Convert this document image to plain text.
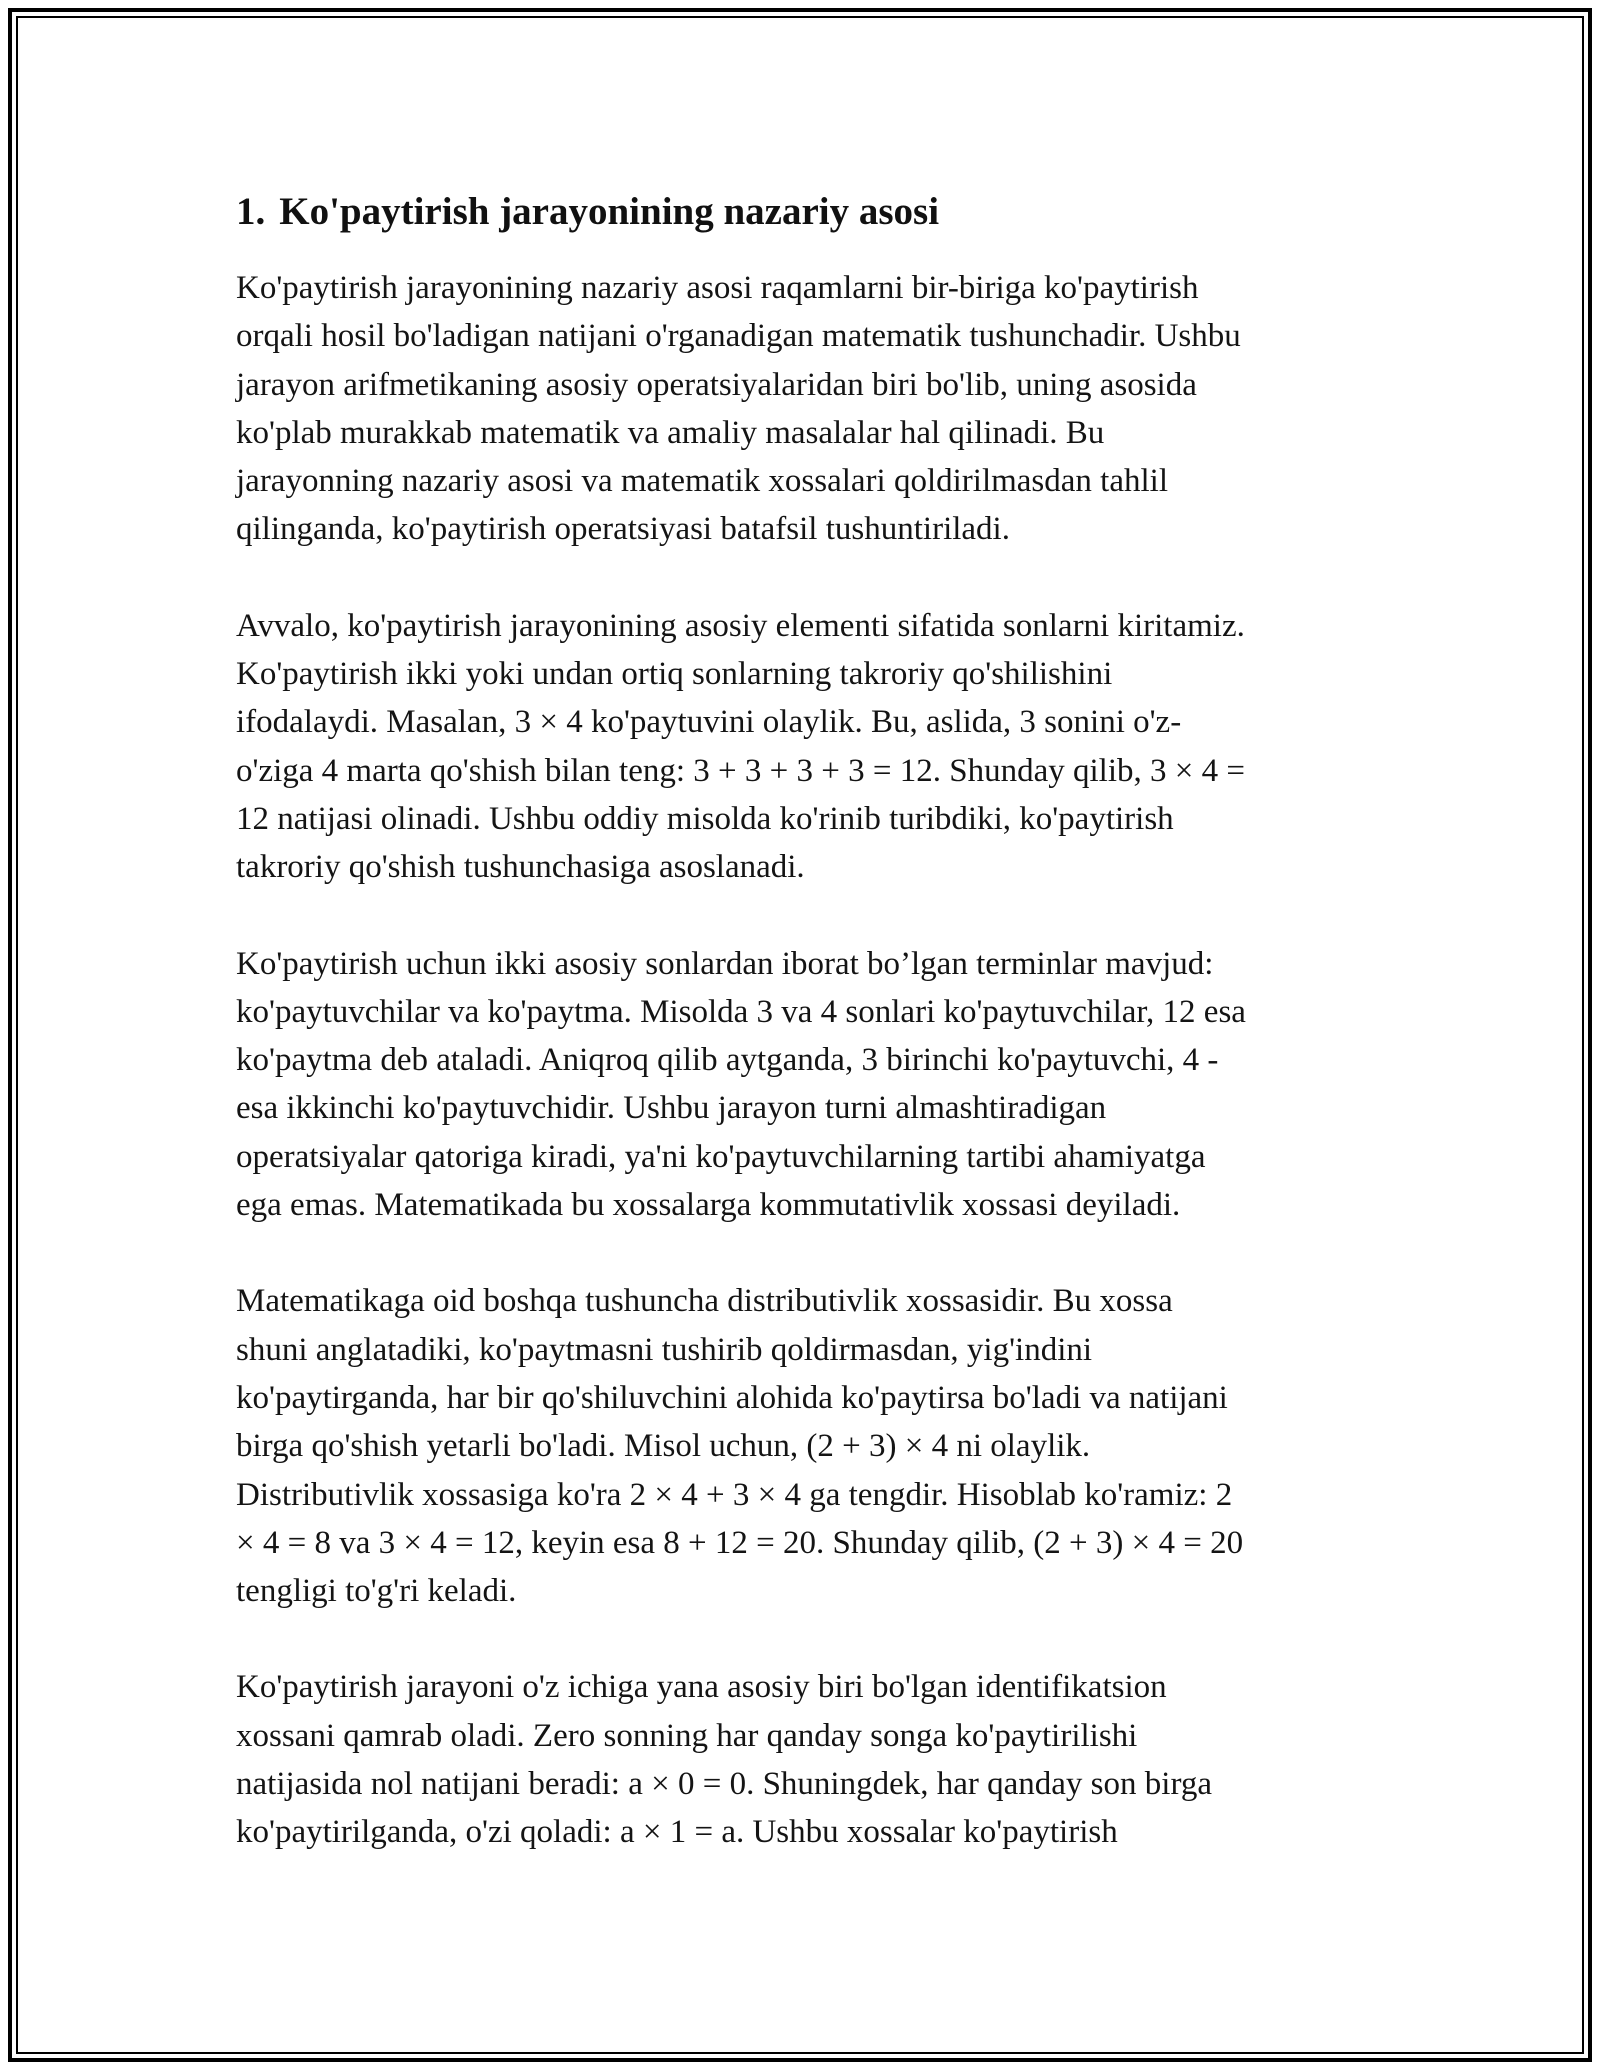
1. Ko'paytirish jarayonining nazariy asosi

Ko'paytirish jarayonining nazariy asosi raqamlarni bir-biriga ko'paytirish
orqali hosil bo'ladigan natijani o'rganadigan matematik tushunchadir. Ushbu
jarayon arifmetikaning asosiy operatsiyalaridan biri bo'lib, uning asosida
ko'plab murakkab matematik va amaliy masalalar hal qilinadi. Bu
jarayonning nazariy asosi va matematik xossalari qoldirilmasdan tahlil
qilinganda, ko'paytirish operatsiyasi batafsil tushuntiriladi.

Avvalo, ko'paytirish jarayonining asosiy elementi sifatida sonlarni kiritamiz.
Ko'paytirish ikki yoki undan ortiq sonlarning takroriy qo'shilishini
ifodalaydi. Masalan, 3 × 4 ko'paytuvini olaylik. Bu, aslida, 3 sonini o'z-
o'ziga 4 marta qo'shish bilan teng: 3 + 3 + 3 + 3 = 12. Shunday qilib, 3 × 4 =
12 natijasi olinadi. Ushbu oddiy misolda ko'rinib turibdiki, ko'paytirish
takroriy qo'shish tushunchasiga asoslanadi.

Ko'paytirish uchun ikki asosiy sonlardan iborat bo’lgan terminlar mavjud:
ko'paytuvchilar va ko'paytma. Misolda 3 va 4 sonlari ko'paytuvchilar, 12 esa
ko'paytma deb ataladi. Aniqroq qilib aytganda, 3 birinchi ko'paytuvchi, 4 -
esa ikkinchi ko'paytuvchidir. Ushbu jarayon turni almashtiradigan
operatsiyalar qatoriga kiradi, ya'ni ko'paytuvchilarning tartibi ahamiyatga
ega emas. Matematikada bu xossalarga kommutativlik xossasi deyiladi.

Matematikaga oid boshqa tushuncha distributivlik xossasidir. Bu xossa
shuni anglatadiki, ko'paytmasni tushirib qoldirmasdan, yig'indini
ko'paytirganda, har bir qo'shiluvchini alohida ko'paytirsa bo'ladi va natijani
birga qo'shish yetarli bo'ladi. Misol uchun, (2 + 3) × 4 ni olaylik.
Distributivlik xossasiga ko'ra 2 × 4 + 3 × 4 ga tengdir. Hisoblab ko'ramiz: 2
× 4 = 8 va 3 × 4 = 12, keyin esa 8 + 12 = 20. Shunday qilib, (2 + 3) × 4 = 20
tengligi to'g'ri keladi.

Ko'paytirish jarayoni o'z ichiga yana asosiy biri bo'lgan identifikatsion
xossani qamrab oladi. Zero sonning har qanday songa ko'paytirilishi
natijasida nol natijani beradi: a × 0 = 0. Shuningdek, har qanday son birga
ko'paytirilganda, o'zi qoladi: a × 1 = a. Ushbu xossalar ko'paytirish
